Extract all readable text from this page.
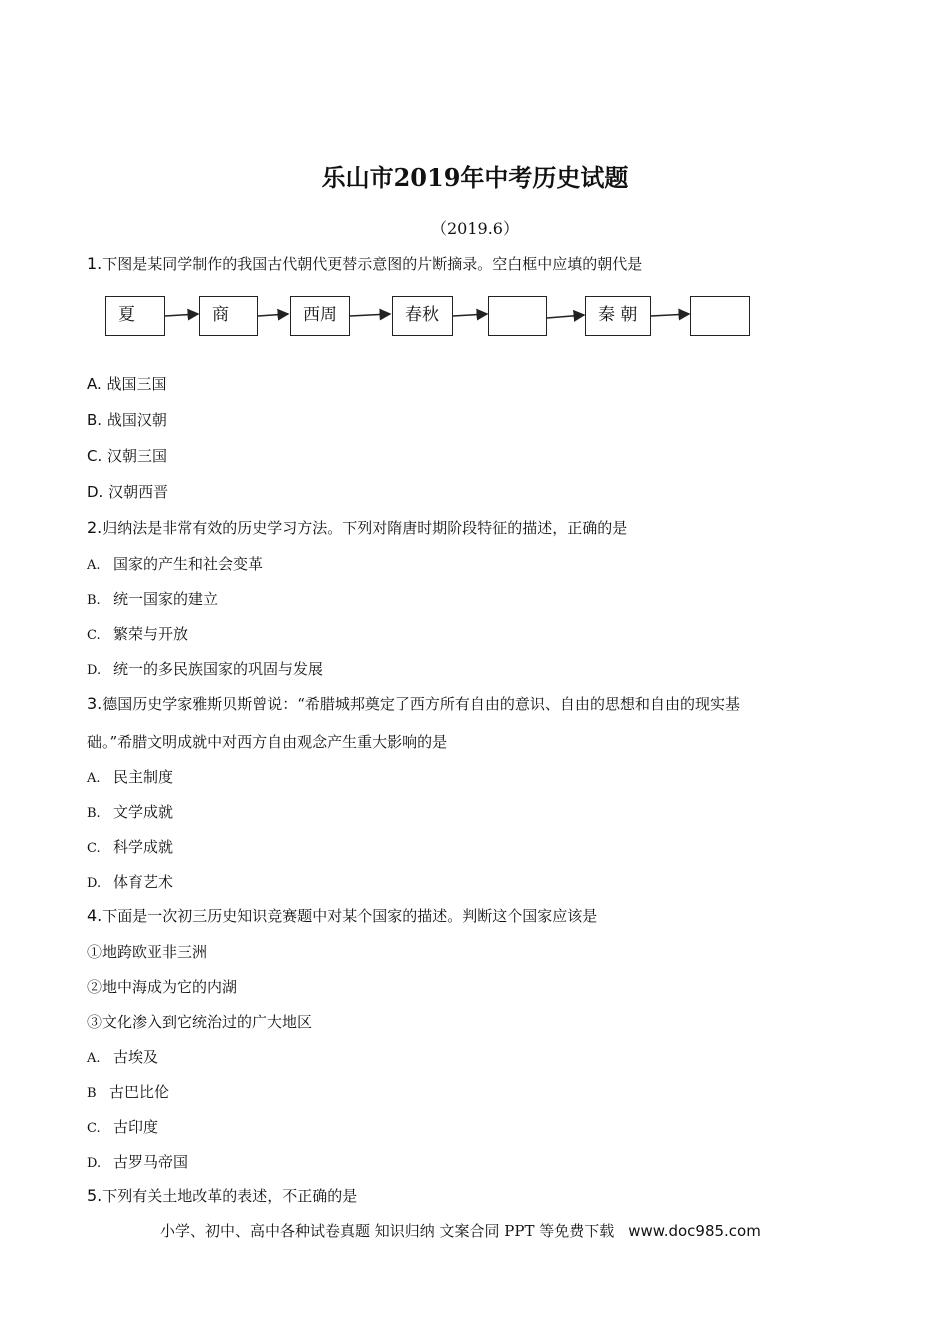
乐山市2019年中考历史试题
（2019.6）
1.下图是某同学制作的我国古代朝代更替示意图的片断摘录。空白框中应填的朝代是
夏	商	西周	春秋	秦 朝
A. 战国三国
B. 战国汉朝
C. 汉朝三国
D. 汉朝西晋
2.归纳法是非常有效的历史学习方法。下列对隋唐时期阶段特征的描述，正确的是
A. 国家的产生和社会变革
B. 统一国家的建立
C. 繁荣与开放
D. 统一的多民族国家的巩固与发展
3.德国历史学家雅斯贝斯曾说：“希腊城邦奠定了西方所有自由的意识、自由的思想和自由的现实基
础。”希腊文明成就中对西方自由观念产生重大影响的是
A. 民主制度
B. 文学成就
C. 科学成就
D. 体育艺术
4.下面是一次初三历史知识竞赛题中对某个国家的描述。判断这个国家应该是
①地跨欧亚非三洲
②地中海成为它的内湖
③文化渗入到它统治过的广大地区
A. 古埃及
B 古巴比伦
C. 古印度
D. 古罗马帝国
5.下列有关土地改革的表述，不正确的是
小学、初中、高中各种试卷真题 知识归纳 文案合同 PPT 等免费下载 www.doc985.com
